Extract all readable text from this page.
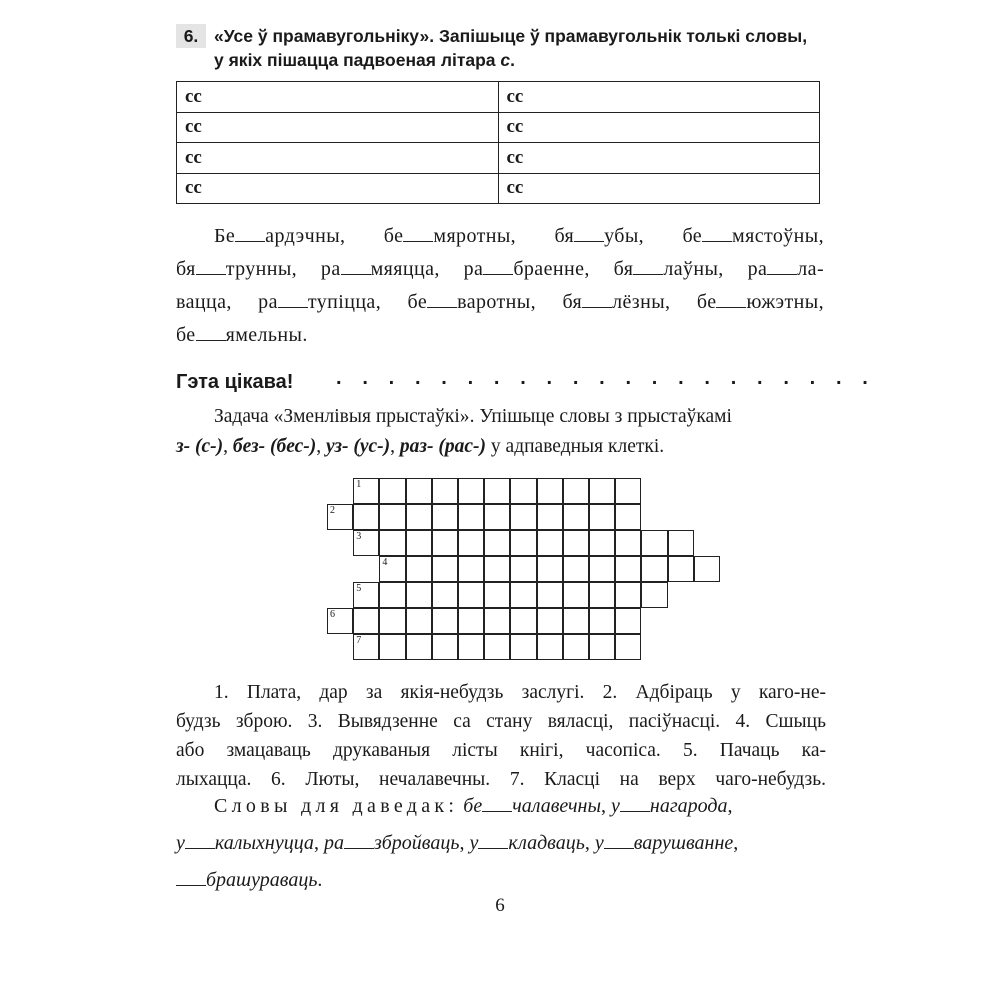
6. «Усе ў прамавугольніку». Запішыце ў прамавугольнік толькі словы,
у якіх пішацца падвоеная літара с.
сс	сс
сс	сс
сс	сс
сс	сс
Бе ардэчны, бе мяротны, бя убы, бе мястоўны,
бя трунны, ра мяяцца, ра браенне, бя лаўны, ра ла-
вацца, ра тупіцца, бе варотны, бя лёзны, бе южэтны,
бе ямельны.
Гэта цікава! . . . . . . . . . . . . . . . . . . . . .
Задача «Зменлівыя прыстаўкі». Упішыце словы з прыстаўкамі
з- (с-), без- (бес-), уз- (ус-), раз- (рас-) у адпаведныя клеткі.
1
2
3
4
5
6
7
1. Плата, дар за якія-небудзь заслугі. 2. Адбіраць у каго-не-
будзь зброю. 3. Вывядзенне са стану вяласці, пасіўнасці. 4. Сшыць
або змацаваць друкаваныя лісты кнігі, часопіса. 5. Пачаць ка-
лыхацца. 6. Люты, нечалавечны. 7. Класці на верх чаго-небудзь.
Словы для даведак: бе чалавечны, у нагарода,
у калыхнуцца, ра збройваць, у кладваць, у варушванне,
брашураваць.
6
